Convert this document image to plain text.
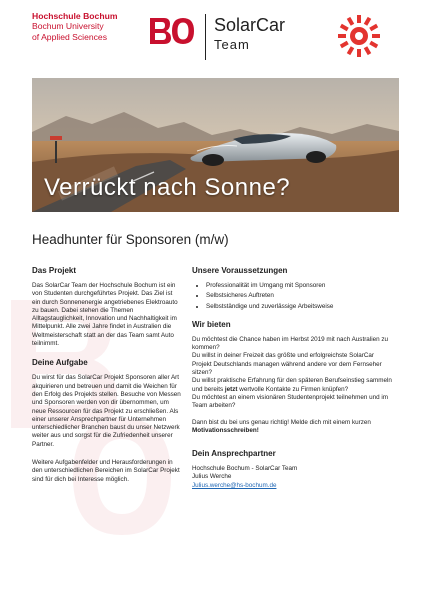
Hochschule Bochum
Bochum University
of Applied Sciences
SolarCar
Team
Verrückt nach Sonne?
Headhunter für Sponsoren (m/w)
Das Projekt

Das SolarCar Team der Hochschule Bochum ist ein von Studenten durchgeführtes Projekt. Das Ziel ist ein durch Sonnenenergie angetriebenes Elektroauto zu bauen. Dabei stehen die Themen Alltagstauglichkeit, Innovation und Nachhaltigkeit im Mittelpunkt. Alle zwei Jahre findet in Australien die Weltmeisterschaft statt an der das Team samt Auto teilnimmt.

Deine Aufgabe

Du wirst für das SolarCar Projekt Sponsoren aller Art akquirieren und betreuen und damit die Weichen für den Erfolg des Projekts stellen. Besuche von Messen und Sponsoren werden von dir übernommen, um neue Ressourcen für das Projekt zu erschließen. Als einer unserer Ansprechpartner für Unternehmen unterschiedlicher Branchen baust du unser Netzwerk weiter aus und sorgst für die Zufriedenheit unserer Partner.

Weitere Aufgabenfelder und Herausforderungen in den unterschiedlichen Bereichen im SolarCar Projekt sind für dich bei Interesse möglich.

Unsere Voraussetzungen
• Professionalität im Umgang mit Sponsoren
• Selbstsicheres Auftreten
• Selbstständige und zuverlässige Arbeitsweise
Wir bieten

Du möchtest die Chance haben im Herbst 2019 mit nach Australien zu kommen?

Du willst in deiner Freizeit das größte und erfolgreichste SolarCar Projekt Deutschlands managen während andere vor dem Fernseher sitzen?

Du willst praktische Erfahrung für den späteren Berufseinstieg sammeln und bereits jetzt wertvolle Kontakte zu Firmen knüpfen?

Du möchtest an einem visionären Studentenprojekt teilnehmen und im Team arbeiten?

Dann bist du bei uns genau richtig! Melde dich mit einem kurzen Motivationsschreiben!

Dein Ansprechpartner

Hochschule Bochum - SolarCar Team

Julius Werche

Julius.werche@hs-bochum.de
